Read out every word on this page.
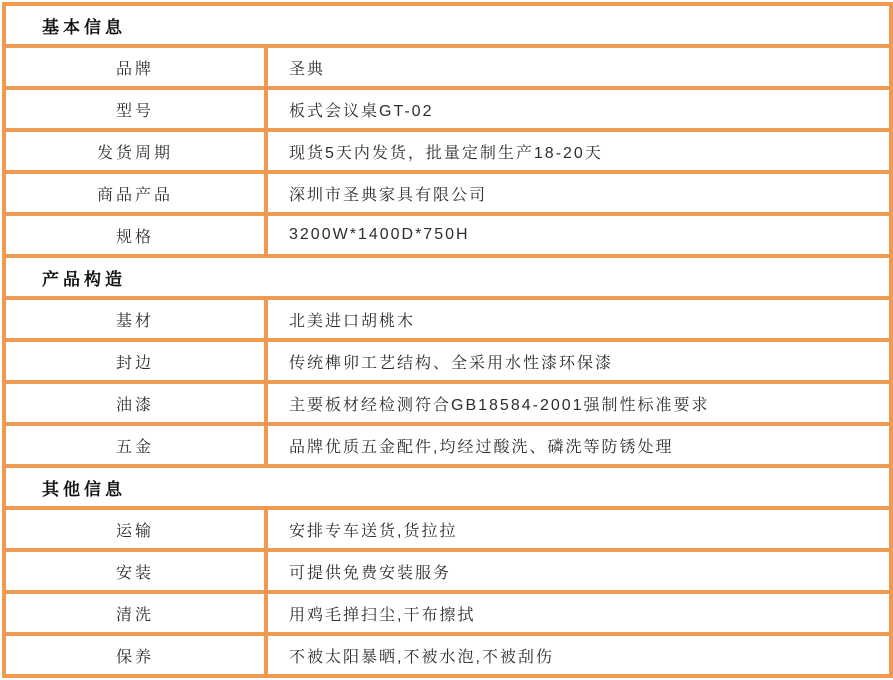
基本信息	
品牌	圣典
型号	板式会议桌GT-02
发货周期	现货5天内发货，批量定制生产18-20天
商品产品	深圳市圣典家具有限公司
规格	3200W*1400D*750H
产品构造	
基材	北美进口胡桃木
封边	传统榫卯工艺结构、全采用水性漆环保漆
油漆	主要板材经检测符合GB18584-2001强制性标准要求
五金	品牌优质五金配件,均经过酸洗、磷洗等防锈处理
其他信息	
运输	安排专车送货,货拉拉
安装	可提供免费安装服务
清洗	用鸡毛掸扫尘,干布擦拭
保养	不被太阳暴晒,不被水泡,不被刮伤
